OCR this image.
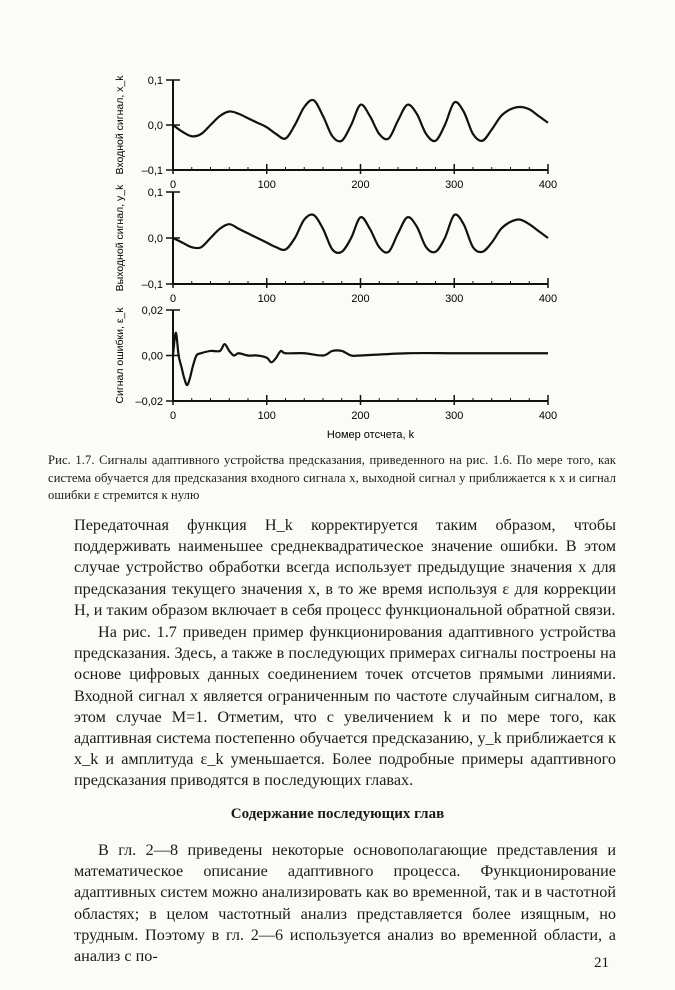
0,1
0,0
–0,1
0	100	200	300	400
Входной сигнал, x_k
0,1
0,0
–0,1
0	100	200	300	400
Выходной сигнал, y_k
0,02
0,00
–0,02
0	100	200	300	400
Сигнал ошибки, ε_k
Номер отсчета, k
Рис. 1.7. Сигналы адаптивного устройства предсказания, приведенного на рис. 1.6. По мере того, как система обучается для предсказания входного сигнала x, выходной сигнал y приближается к x и сигнал ошибки ε стремится к нулю

Передаточная функция H_k корректируется таким образом, чтобы поддерживать наименьшее среднеквадратическое значение ошибки. В этом случае устройство обработки всегда использует предыдущие значения x для предсказания текущего значения x, в то же время используя ε для коррекции H, и таким образом включает в себя процесс функциональной обратной связи.

На рис. 1.7 приведен пример функционирования адаптивного устройства предсказания. Здесь, а также в последующих примерах сигналы построены на основе цифровых данных соединением точек отсчетов прямыми линиями. Входной сигнал x является ограниченным по частоте случайным сигналом, в этом случае M=1. Отметим, что с увеличением k и по мере того, как адаптивная система постепенно обучается предсказанию, y_k приближается к x_k и амплитуда ε_k уменьшается. Более подробные примеры адаптивного предсказания приводятся в последующих главах.

Содержание последующих глав

В гл. 2—8 приведены некоторые основополагающие представления и математическое описание адаптивного процесса. Функционирование адаптивных систем можно анализировать как во временной, так и в частотной областях; в целом частотный анализ представляется более изящным, но трудным. Поэтому в гл. 2—6 используется анализ во временной области, а анализ с по-	21
